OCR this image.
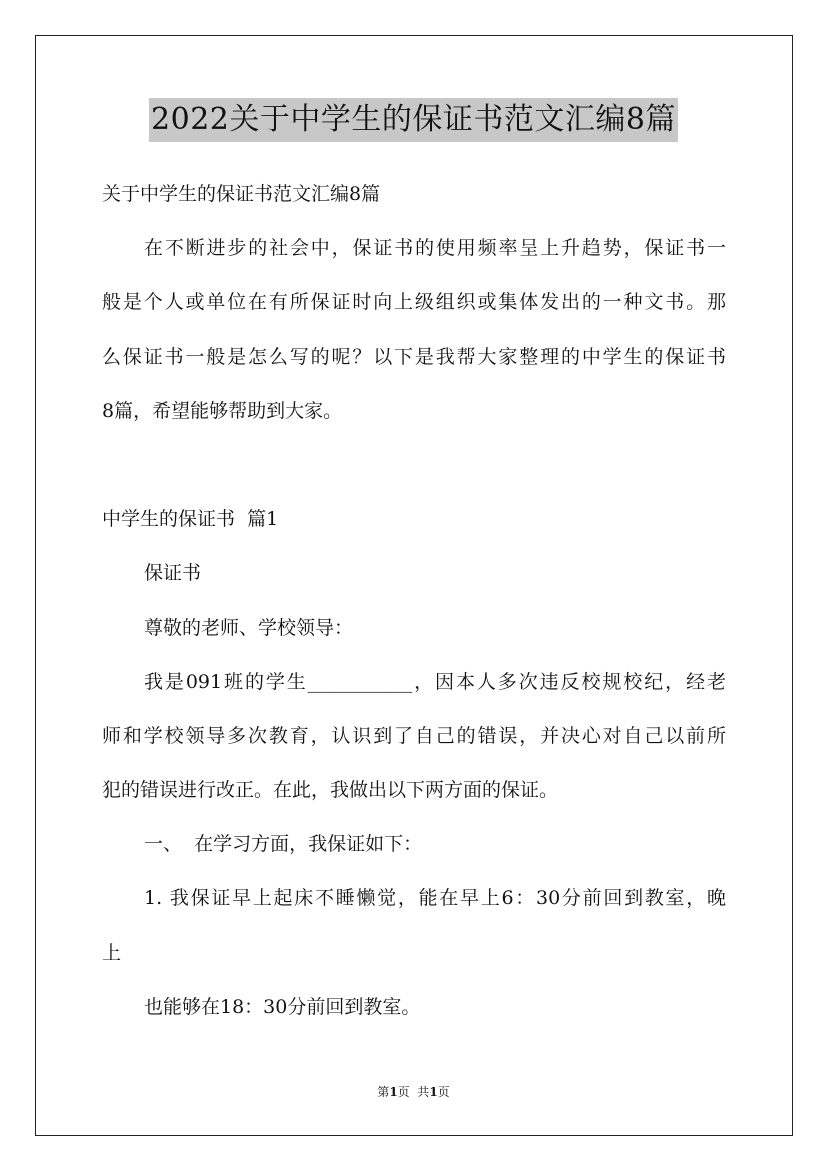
2022关于中学生的保证书范文汇编8篇
关于中学生的保证书范文汇编8篇
在不断进步的社会中，保证书的使用频率呈上升趋势，保证书一
般是个人或单位在有所保证时向上级组织或集体发出的一种文书。那
么保证书一般是怎么写的呢？以下是我帮大家整理的中学生的保证书
8篇，希望能够帮助到大家。
中学生的保证书  篇1
保证书
尊敬的老师、学校领导：
我是091班的学生___________，因本人多次违反校规校纪，经老
师和学校领导多次教育，认识到了自己的错误，并决心对自己以前所
犯的错误进行改正。在此，我做出以下两方面的保证。
一、  在学习方面，我保证如下：
1. 我保证早上起床不睡懒觉，能在早上6：30分前回到教室，晚
上
也能够在18：30分前回到教室。
第1页  共1页
